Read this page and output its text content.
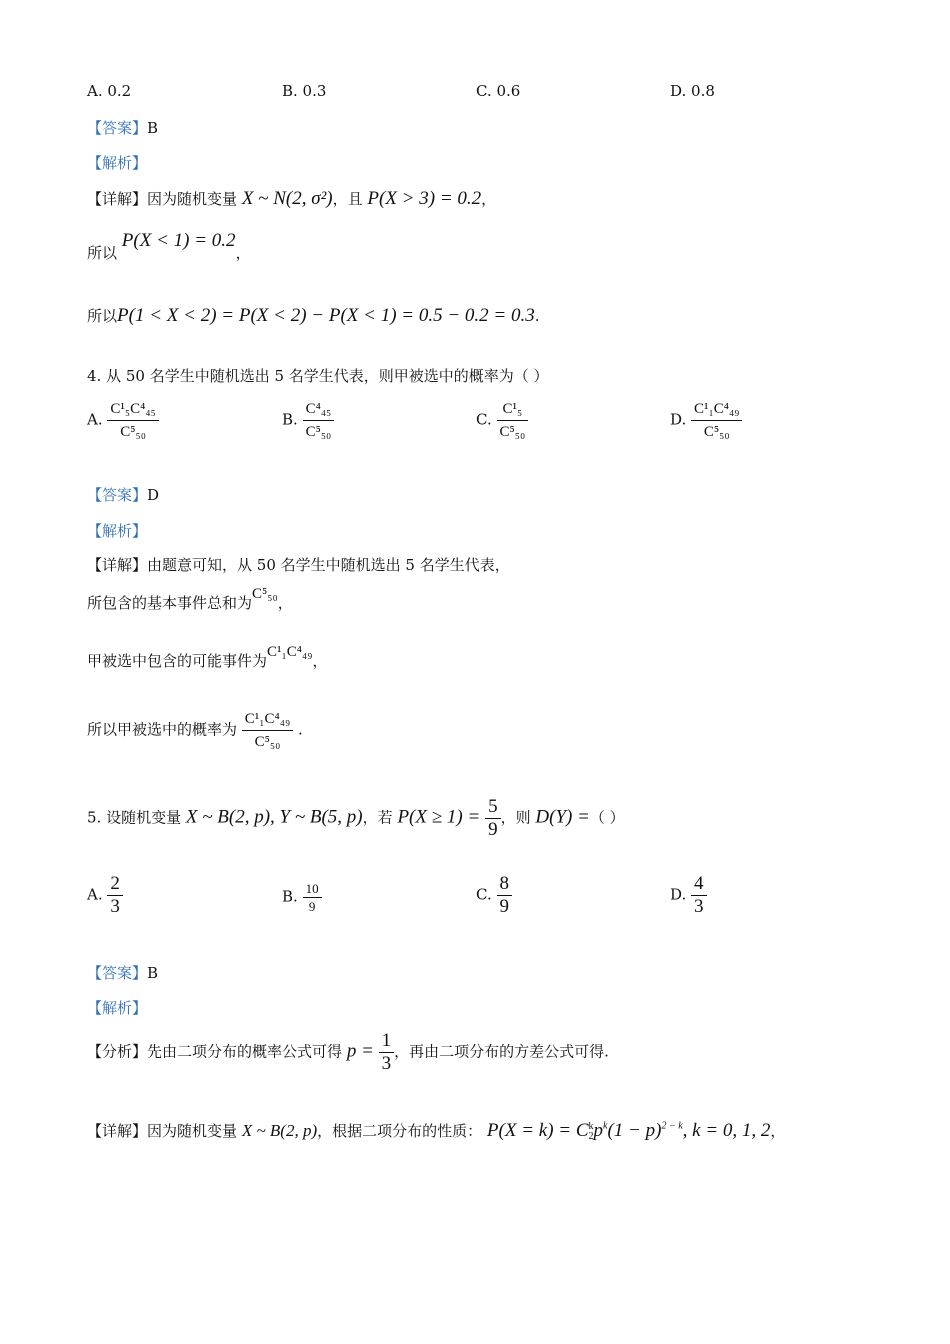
A. 0.2	B. 0.3	C. 0.6	D. 0.8
【答案】B
【解析】
【详解】因为随机变量 X ~ N(2, σ²)，且 P(X > 3) = 0.2，
所以 P(X < 1) = 0.2，
所以P(1 < X < 2) = P(X < 2) − P(X < 1) = 0.5 − 0.2 = 0.3.
4. 从 50 名学生中随机选出 5 名学生代表，则甲被选中的概率为（ ）
A. $\frac{\text{C¹₅C⁴₄₅}}{\text{C⁵₅₀}}$	B. $\frac{\text{C⁴₄₅}}{\text{C⁵₅₀}}$	C. $\frac{\text{C¹₅}}{\text{C⁵₅₀}}$	D. $\frac{\text{C¹₁C⁴₄₉}}{\text{C⁵₅₀}}$
【答案】D
【解析】
【详解】由题意可知，从 50 名学生中随机选出 5 名学生代表，
所包含的基本事件总和为C⁵₅₀，
甲被选中包含的可能事件为C¹₁C⁴₄₉，
所以甲被选中的概率为 $\frac{\text{C¹₁C⁴₄₉}}{\text{C⁵₅₀}}$ .
5. 设随机变量 X ~ B(2, p), Y ~ B(5, p)，若 $P(X \ge 1) = \frac{5}{9}$ ，则 D(Y) =（ ）
A. $\frac{2}{3}$	B. $\frac{10}{9}$	C. $\frac{8}{9}$	D. $\frac{4}{3}$
【答案】B
【解析】
【分析】先由二项分布的概率公式可得 $p = \frac{1}{3}$ ，再由二项分布的方差公式可得.
【详解】因为随机变量 X ~ B(2, p)，根据二项分布的性质： P(X = k) = C k
2 $p^k(1 - p)^{2 - k}$, k = 0, 1, 2，
